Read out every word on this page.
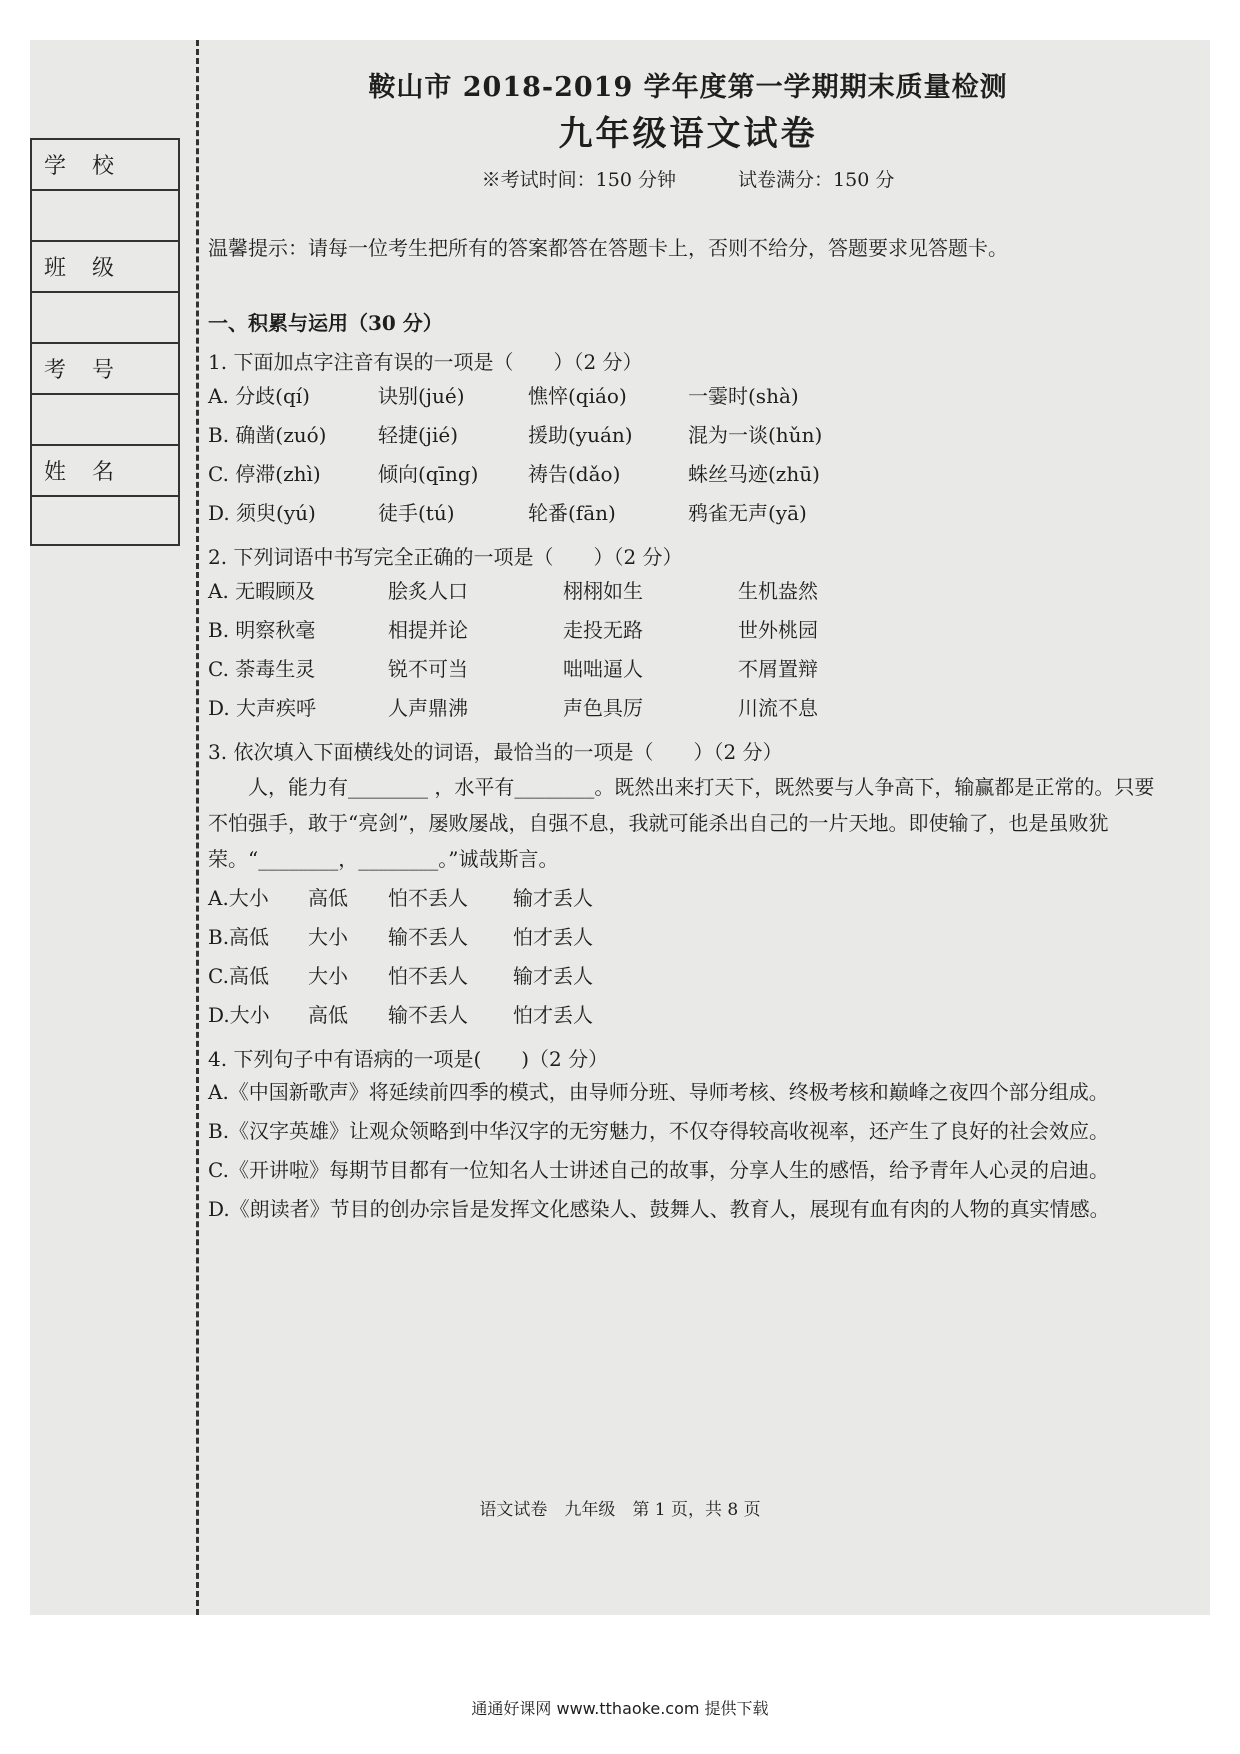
学校
班级
考号
姓名
语文试卷　九年级　第 1 页，共 8 页
鞍山市 2018-2019 学年度第一学期期末质量检测
九年级语文试卷
※考试时间：150 分钟	试卷满分：150 分
温馨提示：请每一位考生把所有的答案都答在答题卡上，否则不给分，答题要求见答题卡。
一、积累与运用（30 分）
1. 下面加点字注音有误的一项是（　　）（2 分）
A. 分歧(qí)	诀别(jué)	憔悴(qiáo)	一霎时(shà)
B. 确凿(zuó)	轻捷(jié)	援助(yuán)	混为一谈(hǔn)
C. 停滞(zhì)	倾向(qīng)	祷告(dǎo)	蛛丝马迹(zhū)
D. 须臾(yú)	徒手(tú)	轮番(fān)	鸦雀无声(yā)
2. 下列词语中书写完全正确的一项是（　　）（2 分）
A. 无暇顾及	脍炙人口	栩栩如生	生机盎然
B. 明察秋毫	相提并论	走投无路	世外桃园
C. 荼毒生灵	锐不可当	咄咄逼人	不屑置辩
D. 大声疾呼	人声鼎沸	声色具厉	川流不息
3. 依次填入下面横线处的词语，最恰当的一项是（　　）（2 分）
人，能力有________ ，水平有________。既然出来打天下，既然要与人争高下，输赢都是正常的。只要不怕强手，敢于“亮剑”，屡败屡战，自强不息，我就可能杀出自己的一片天地。即使输了，也是虽败犹荣。“________，________。”诚哉斯言。
A.大小	高低	怕不丢人	输才丢人
B.高低	大小	输不丢人	怕才丢人
C.高低	大小	怕不丢人	输才丢人
D.大小	高低	输不丢人	怕才丢人
4. 下列句子中有语病的一项是(　　)（2 分）
A.《中国新歌声》将延续前四季的模式，由导师分班、导师考核、终极考核和巅峰之夜四个部分组成。
B.《汉字英雄》让观众领略到中华汉字的无穷魅力，不仅夺得较高收视率，还产生了良好的社会效应。
C.《开讲啦》每期节目都有一位知名人士讲述自己的故事，分享人生的感悟，给予青年人心灵的启迪。
D.《朗读者》节目的创办宗旨是发挥文化感染人、鼓舞人、教育人，展现有血有肉的人物的真实情感。
通通好课网 www.tthaoke.com 提供下载
